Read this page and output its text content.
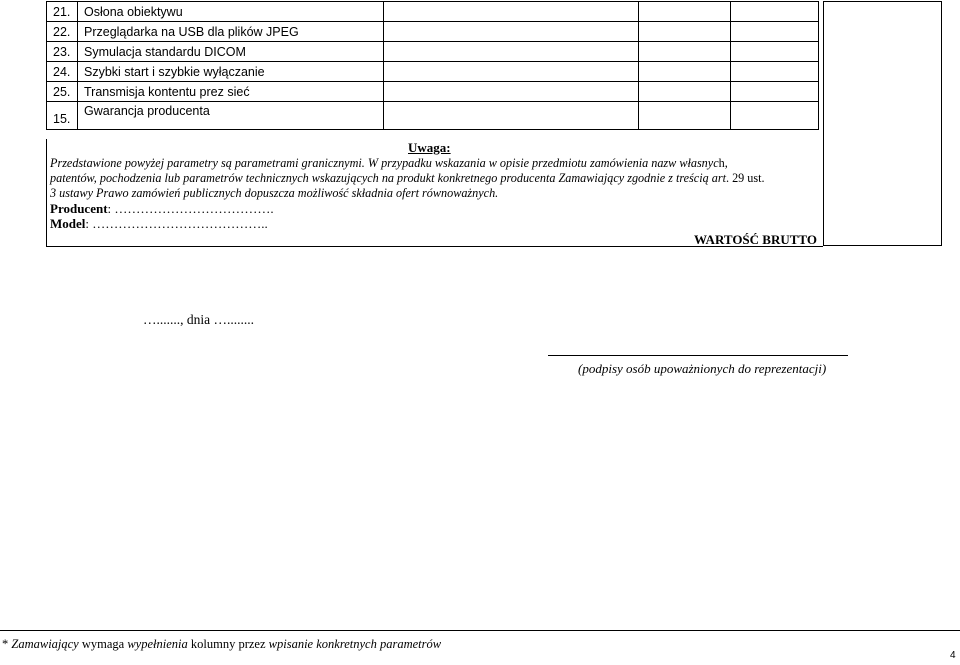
21.	Osłona obiektywu			
22.	Przeglądarka na USB dla plików JPEG			
23.	Symulacja standardu DICOM			
24.	Szybki start i szybkie wyłączanie			
25.	Transmisja kontentu prez sieć			
15.	Gwarancja producenta			
Uwaga:
Przedstawione powyżej parametry są parametrami granicznymi. W przypadku wskazania w opisie przedmiotu zamówienia nazw własnych,
patentów, pochodzenia lub parametrów technicznych wskazujących na produkt konkretnego producenta Zamawiający zgodnie z treścią art. 29 ust.
3 ustawy Prawo zamówień publicznych dopuszcza możliwość składnia ofert równoważnych.
Producent: ……………………………….
Model: …………………………………..
WARTOŚĆ BRUTTO
…......., dnia …........
(podpisy osób upoważnionych do reprezentacji)
* Zamawiający wymaga wypełnienia kolumny przez wpisanie konkretnych parametrów
4
